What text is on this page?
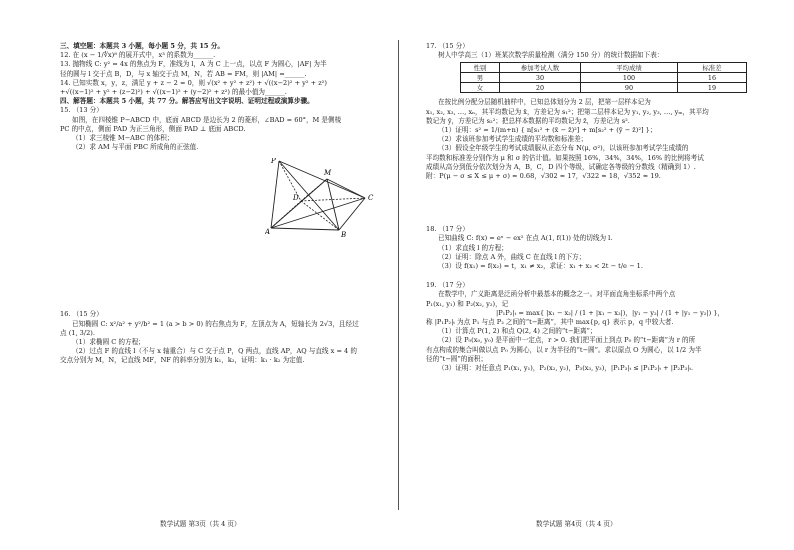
三、填空题：本题共 3 小题，每小题 5 分，共 15 分。
12. 在 (x − 1/∜x)⁸ 的展开式中，x³ 的系数为______.
13. 抛物线 C: y² = 4x 的焦点为 F，准线为 l，A 为 C 上一点，以点 F 为圆心，|AF| 为半
径的圆与 l 交于点 B，D，与 x 轴交于点 M，N，若 AB = FM，则 |AM| =______.
14. 已知实数 x，y，z，满足 y + z − 2 = 0，则 √(x² + y² + z²) + √((x−2)² + y² + z²)
+√((x−1)² + y² + (z−2)²) + √((x−1)² + (y−2)² + z²) 的最小值为______.
四、解答题：本题共 5 小题，共 77 分。解答应写出文字说明、证明过程或演算步骤。
15. （13 分）
如图，在四棱锥 P−ABCD 中，底面 ABCD 是边长为 2 的菱形，∠BAD = 60°，M 是侧棱
PC 的中点，侧面 PAD 为正三角形，侧面 PAD ⊥ 底面 ABCD.
（1）求三棱锥 M−ABC 的体积；
（2）求 AM 与平面 PBC 所成角的正弦值.
P
M
D	C
A	B
16. （15 分）
已知椭圆 C: x²/a² + y²/b² = 1 (a > b > 0) 的右焦点为 F，左顶点为 A，短轴长为 2√3，且经过
点 (1, 3/2).
（1）求椭圆 C 的方程；
（2）过点 F 的直线 l（不与 x 轴重合）与 C 交于点 P，Q 两点，直线 AP，AQ 与直线 x = 4 的
交点分别为 M，N，记直线 MF，NF 的斜率分别为 k₁，k₂，证明：k₁ · k₂ 为定值.
数学试题 第3页（共 4 页）
17. （15 分）
树人中学高三（1）班某次数学质量检测（满分 150 分）的统计数据如下表：
性别	参加考试人数	平均成绩	标准差
男	30	100	16
女	20	90	19
在按比例分配分层随机抽样中，已知总体划分为 2 层，把第一层样本记为
x₁, x₂, x₃, …, xₙ，其平均数记为 x̄，方差记为 s₁²；把第二层样本记为 y₁, y₂, y₃, …, yₘ，其平均
数记为 ȳ，方差记为 s₂²；把总样本数据的平均数记为 z̄，方差记为 s².
（1）证明：s² = 1/(m+n) { n[s₁² + (x̄ − z̄)²] + m[s₂² + (ȳ − z̄)²] }；
（2）求该班参加考试学生成绩的平均数和标准差；
（3）假设全年级学生的考试成绩服从正态分布 N(μ, σ²)，以该班参加考试学生成绩的
平均数和标准差分别作为 μ 和 σ 的估计值。如果按照 16%，34%，34%，16% 的比例将考试
成绩从高分到低分依次划分为 A，B，C，D 四个等级，试确定各等级的分数线（精确到 1）.
附：P(μ − σ ≤ X ≤ μ + σ) ≈ 0.68，√302 ≈ 17，√322 ≈ 18，√352 ≈ 19.
18. （17 分）
已知曲线 C: f(x) = eˣ − ex² 在点 A(1, f(1)) 处的切线为 l.
（1）求直线 l 的方程；
（2）证明：除点 A 外，曲线 C 在直线 l 的下方；
（3）设 f(x₁) = f(x₂) = t，x₁ ≠ x₂，求证：x₁ + x₂ < 2t − t/e − 1.
19. （17 分）
在数学中，广义距离是泛函分析中最基本的概念之一。对平面直角坐标系中两个点
P₁(x₁, y₁) 和 P₂(x₂, y₂)，记
|P₁P₂|ₜ = max{ |x₁ − x₂| / (1 + |x₁ − x₂|)，|y₁ − y₂| / (1 + |y₁ − y₂|) }，
称 |P₁P₂|ₜ 为点 P₁ 与点 P₂ 之间的“t−距离”，其中 max{p, q} 表示 p，q 中较大者.
（1）计算点 P(1, 2) 和点 Q(2, 4) 之间的“t−距离”；
（2）设 P₀(x₀, y₀) 是平面中一定点，r > 0. 我们把平面上到点 P₀ 的“t−距离”为 r 的所
有点构成的集合叫做以点 P₀ 为圆心，以 r 为半径的“t−圆”。求以原点 O 为圆心，以 1/2 为半
径的“t−圆”的面积；
（3）证明：对任意点 P₁(x₁, y₁)，P₂(x₂, y₂)，P₃(x₃, y₃)，|P₁P₃|ₜ ≤ |P₁P₂|ₜ + |P₂P₃|ₜ.
数学试题 第4页（共 4 页）
